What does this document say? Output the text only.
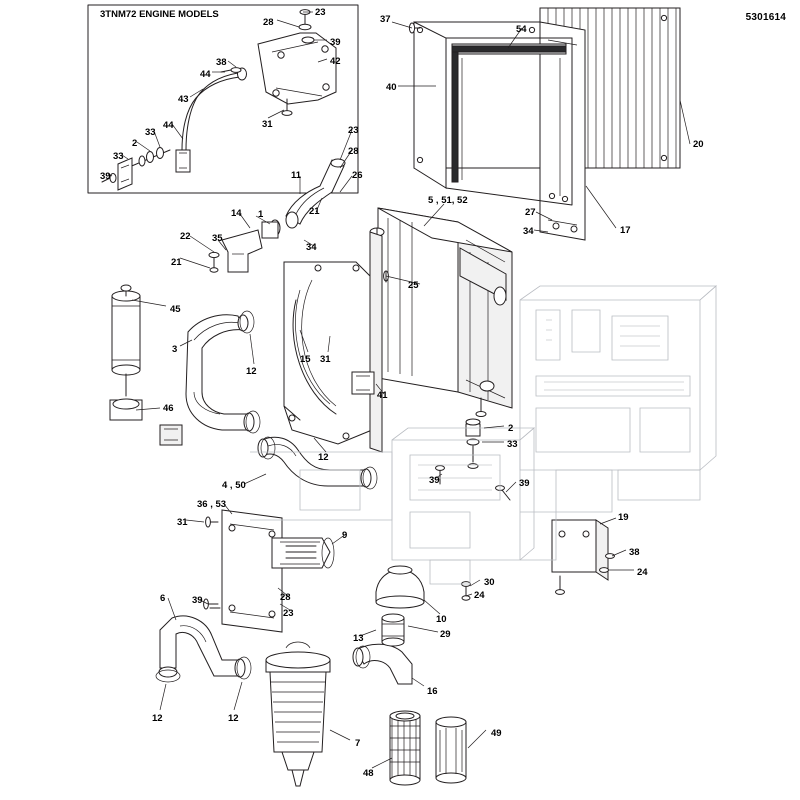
5301614
3TNM72 ENGINE MODELS	23
28
39
42
38
44
43
31
44
33
2
33
39
23
28
11	26
5 , 51, 52
37
54
40
20
27
17
34
21
14 1
34
22 35
21
25
45
3
15 31
12
41
46
2
33
12
39	39
4 , 50
36 , 53
31
9
19
38
24
30
24
28
23
10
6	39
13	29
16
12	12
7
49
48
